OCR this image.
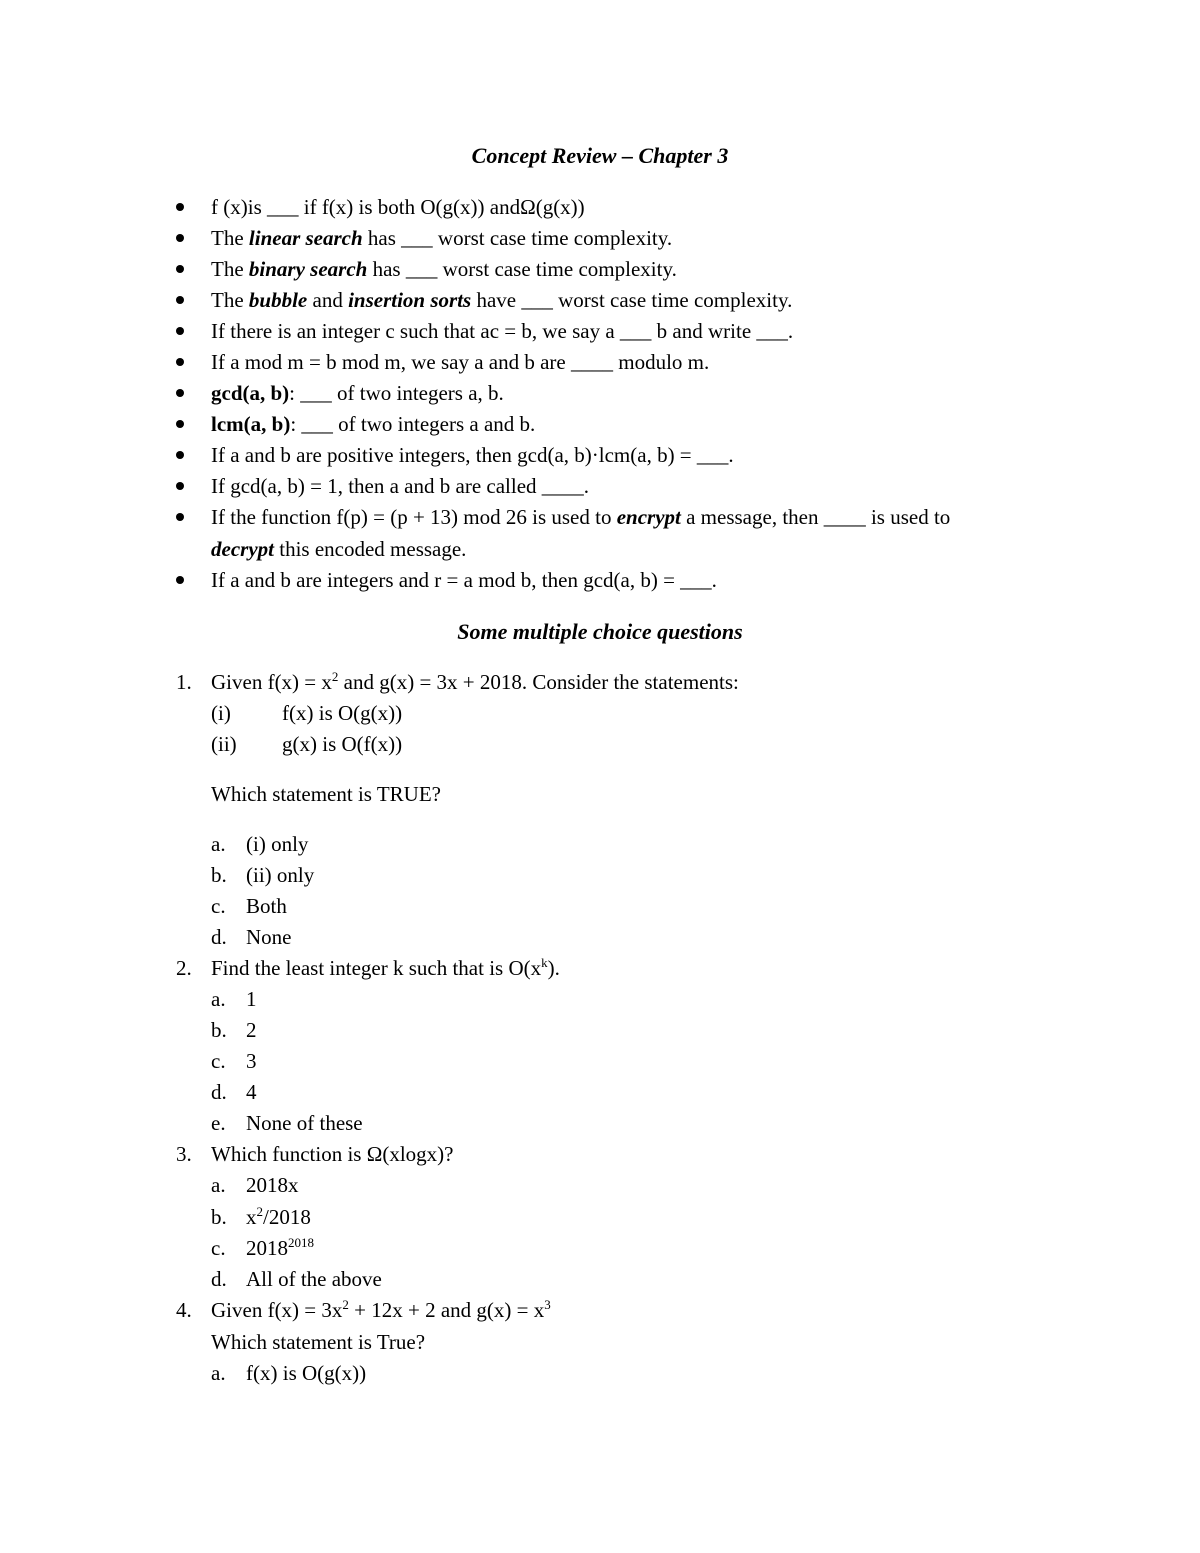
Concept Review – Chapter 3
f (x)is ___ if f(x) is both O(g(x)) andΩ(g(x))
The linear search has ___ worst case time complexity.
The binary search has ___ worst case time complexity.
The bubble and insertion sorts have ___ worst case time complexity.
If there is an integer c such that ac = b, we say a ___ b and write ___.
If a mod m = b mod m, we say a and b are ____ modulo m.
gcd(a, b): ___ of two integers a, b.
lcm(a, b): ___ of two integers a and b.
If a and b are positive integers, then gcd(a, b)·lcm(a, b) = ___.
If gcd(a, b) = 1, then a and b are called ____.
If the function f(p) = (p + 13) mod 26 is used to encrypt a message, then ____ is used to
decrypt this encoded message.
If a and b are integers and r = a mod b, then gcd(a, b) = ___.
Some multiple choice questions
1. Given $f(x) = x^2$ and g(x) = 3x + 2018. Consider the statements:
(i) f(x) is O(g(x))
(ii) g(x) is O(f(x))
Which statement is TRUE?
a. (i) only
b. (ii) only
c. Both
d. None
2. Find the least integer k such that is $O(x^k)$.
a. 1
b. 2
c. 3
d. 4
e. None of these
3. Which function is Ω(xlogx)?
a. 2018x
b. $x^2/2018$
c. $2018^{2018}$
d. All of the above
4. Given $f(x) = 3x^2 + 12x + 2$ and $g(x) = x^3$
Which statement is True?
a. f(x) is O(g(x))
